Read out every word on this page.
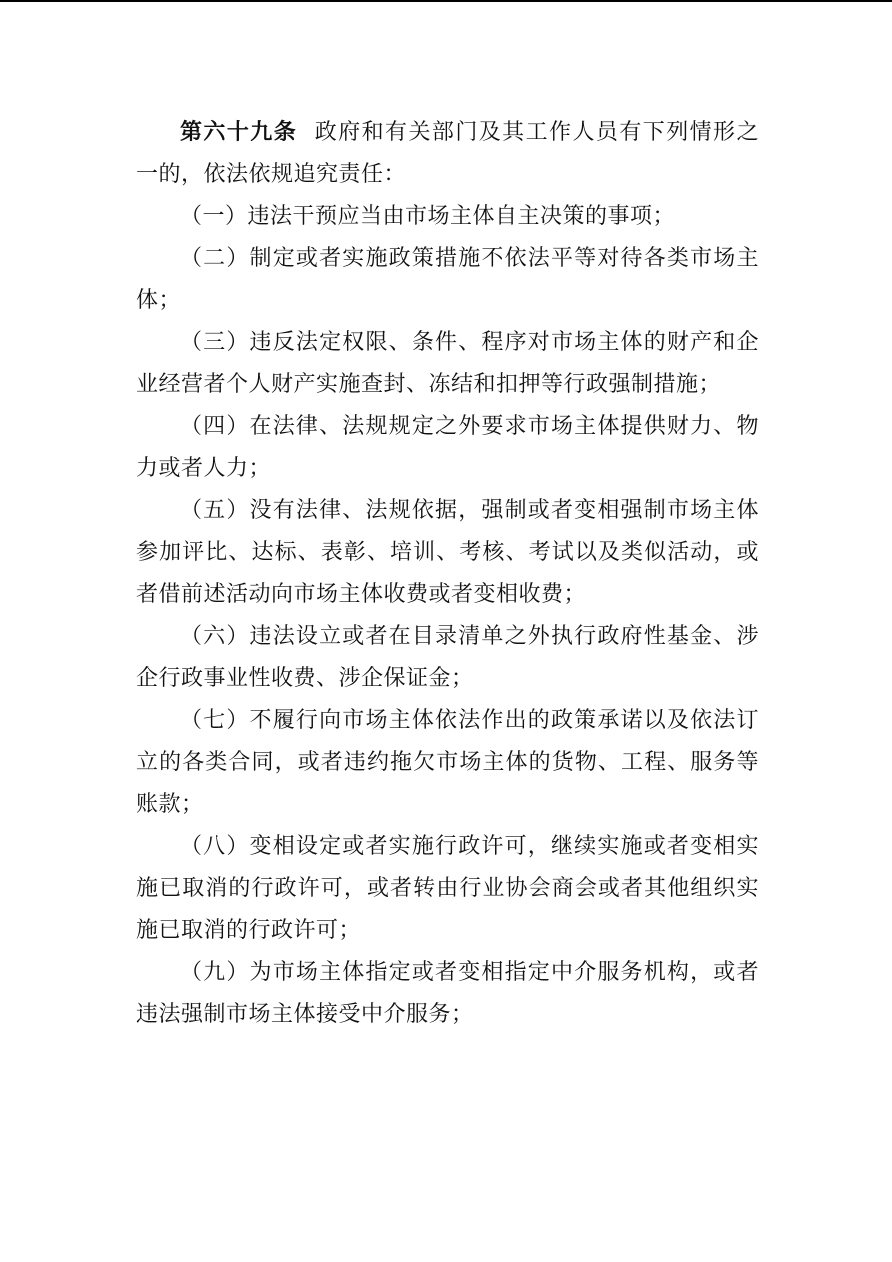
第六十九条 政府和有关部门及其工作人员有下列情形之一的，依法依规追究责任：

（一）违法干预应当由市场主体自主决策的事项；

（二）制定或者实施政策措施不依法平等对待各类市场主体；

（三）违反法定权限、条件、程序对市场主体的财产和企业经营者个人财产实施查封、冻结和扣押等行政强制措施；

（四）在法律、法规规定之外要求市场主体提供财力、物力或者人力；

（五）没有法律、法规依据，强制或者变相强制市场主体参加评比、达标、表彰、培训、考核、考试以及类似活动，或者借前述活动向市场主体收费或者变相收费；

（六）违法设立或者在目录清单之外执行政府性基金、涉企行政事业性收费、涉企保证金；

（七）不履行向市场主体依法作出的政策承诺以及依法订立的各类合同，或者违约拖欠市场主体的货物、工程、服务等账款；

（八）变相设定或者实施行政许可，继续实施或者变相实施已取消的行政许可，或者转由行业协会商会或者其他组织实施已取消的行政许可；

（九）为市场主体指定或者变相指定中介服务机构，或者违法强制市场主体接受中介服务；
